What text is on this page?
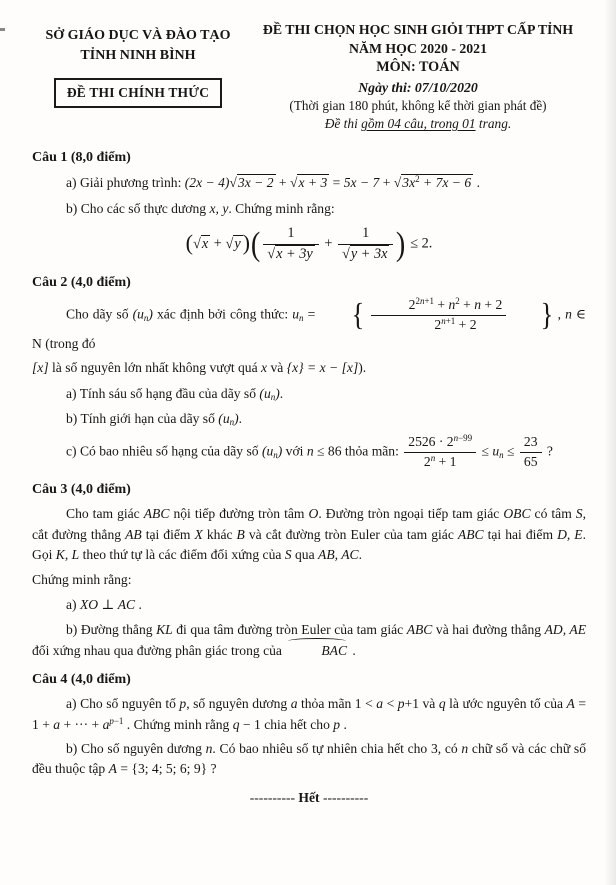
SỞ GIÁO DỤC VÀ ĐÀO TẠO
TỈNH NINH BÌNH
ĐỀ THI CHÍNH THỨC
ĐỀ THI CHỌN HỌC SINH GIỎI THPT CẤP TỈNH
NĂM HỌC 2020 - 2021
MÔN: TOÁN
Ngày thi: 07/10/2020
(Thời gian 180 phút, không kể thời gian phát đề)
Đề thi gồm 04 câu, trong 01 trang.
Câu 1 (8,0 điểm)
a) Giải phương trình: $(2x - 4)√3x - 2 + √x + 3 = 5x - 7 + √3x^2 + 7x - 6$ .
b) Cho các số thực dương x, y. Chứng minh rằng:
$(√x + √y)( \frac{1}{√x + 3y} + \frac{1}{√y + 3x}$ ) ≤ 2.
Câu 2 (4,0 điểm)
Cho dãy số $(u_n)$ xác định bởi công thức: $u_n$ = { $\frac{2^{2n+1} + n^2 + n + 2}{2^{n+1} + 2}$ } , n ∈ N (trong đó
[x] là số nguyên lớn nhất không vượt quá x và {x} = x − [x]).
a) Tính sáu số hạng đầu của dãy số $(u_n)$.
b) Tính giới hạn của dãy số $(u_n)$.
c) Có bao nhiêu số hạng của dãy số $(u_n)$ với n ≤ 86 thỏa mãn: $\frac{2526 \cdot 2^{n-99}}{2^n + 1} \le u_n \le \frac{23}{65}$ ?
Câu 3 (4,0 điểm)
Cho tam giác ABC nội tiếp đường tròn tâm O. Đường tròn ngoại tiếp tam giác OBC có tâm S, cắt đường thẳng AB tại điểm X khác B và cắt đường tròn Euler của tam giác ABC tại hai điểm D, E. Gọi K, L theo thứ tự là các điểm đối xứng của S qua AB, AC.
Chứng minh rằng:
a) XO ⊥ AC .
b) Đường thẳng KL đi qua tâm đường tròn Euler của tam giác ABC và hai đường thẳng AD, AE đối xứng nhau qua đường phân giác trong của	BAC .
Câu 4 (4,0 điểm)
a) Cho số nguyên tố p, số nguyên dương a thỏa mãn 1 < a < p+1 và q là ước nguyên tố của A = 1 + a + ··· + $a^{p-1}$ . Chứng minh rằng q − 1 chia hết cho p .
b) Cho số nguyên dương n. Có bao nhiêu số tự nhiên chia hết cho 3, có n chữ số và các chữ số đều thuộc tập A = {3; 4; 5; 6; 9} ?
---------- Hết ----------
